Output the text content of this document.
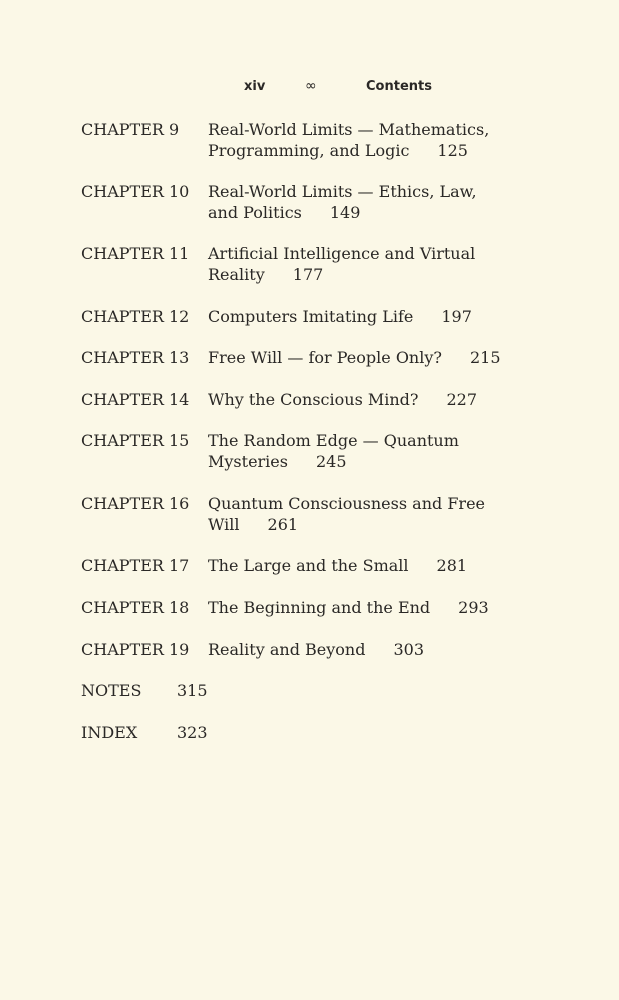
xiv	∞	Contents
CHAPTER 9 Real-World Limits — Mathematics,
Programming, and Logic 125
CHAPTER 10 Real-World Limits — Ethics, Law,
and Politics 149
CHAPTER 11 Artificial Intelligence and Virtual
Reality 177
CHAPTER 12 Computers Imitating Life 197
CHAPTER 13 Free Will — for People Only? 215
CHAPTER 14 Why the Conscious Mind? 227
CHAPTER 15 The Random Edge — Quantum
Mysteries 245
CHAPTER 16 Quantum Consciousness and Free
Will 261
CHAPTER 17 The Large and the Small 281
CHAPTER 18 The Beginning and the End 293
CHAPTER 19 Reality and Beyond 303
NOTES 315
INDEX 323
